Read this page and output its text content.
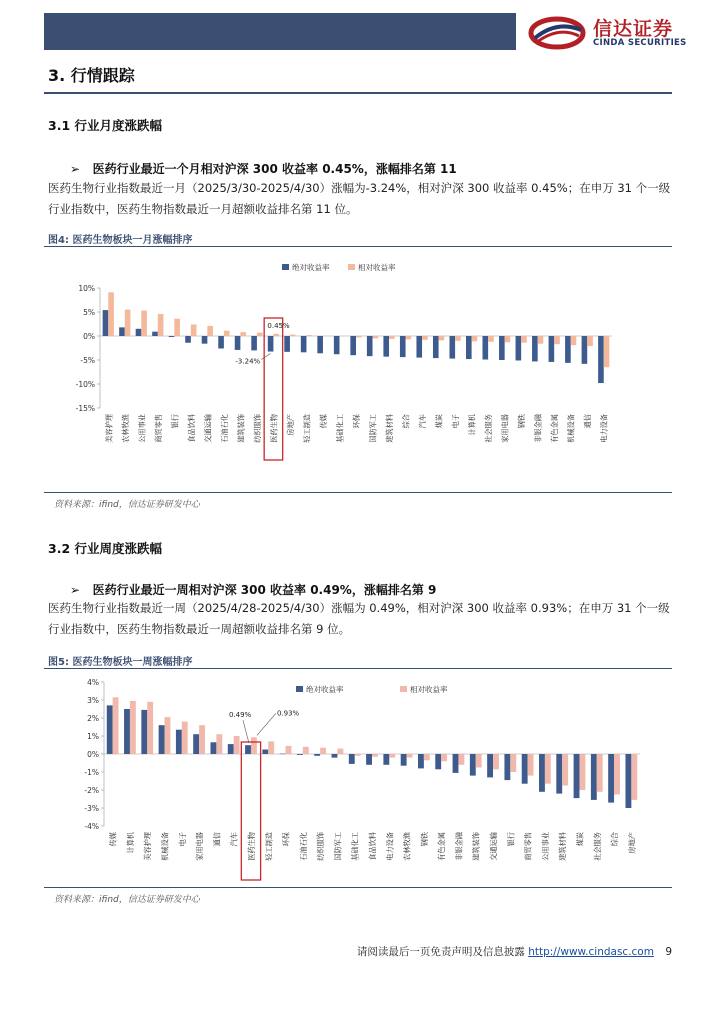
信达证券
CINDA SECURITIES
3. 行情跟踪
3.1 行业月度涨跌幅
➢ 医药行业最近一个月相对沪深 300 收益率 0.45%，涨幅排名第 11
医药生物行业指数最近一月（2025/3/30-2025/4/30）涨幅为-3.24%，相对沪深 300 收益率 0.45%；在申万 31 个一级行业指数中，医药生物指数最近一月超额收益排名第 11 位。
图4: 医药生物板块一月涨幅排序
10%
5%
0%
-5%
-10%
-15%
绝对收益率	相对收益率
美容护理 农林牧渔 公用事业 商贸零售 银行 食品饮料 交通运输 石油石化 建筑装饰 纺织服饰 医药生物 房地产 轻工制造 传媒 基础化工 环保 国防军工 建筑材料 综合 汽车 煤炭 电子 计算机 社会服务 家用电器 钢铁 非银金融 有色金属 机械设备 通信 电力设备
0.45%
-3.24%
资料来源：ifind，信达证券研发中心
3.2 行业周度涨跌幅
➢ 医药行业最近一周相对沪深 300 收益率 0.49%，涨幅排名第 9
医药生物行业指数最近一周（2025/4/28-2025/4/30）涨幅为 0.49%，相对沪深 300 收益率 0.93%；在申万 31 个一级行业指数中，医药生物指数最近一周超额收益排名第 9 位。
图5: 医药生物板块一周涨幅排序
4%
3%
2%
1%
0%
-1%
-2%
-3%
-4%
绝对收益率	相对收益率
传媒 计算机 美容护理 机械设备 电子 家用电器 通信 汽车 医药生物 轻工制造 环保 石油石化 纺织服饰 国防军工 基础化工 食品饮料 电力设备 农林牧渔 钢铁 有色金属 非银金融 建筑装饰 交通运输 银行 商贸零售 公用事业 建筑材料 煤炭 社会服务 综合 房地产
0.49%	0.93%
资料来源：ifind，信达证券研发中心
请阅读最后一页免责声明及信息披露 http://www.cindasc.com 9
